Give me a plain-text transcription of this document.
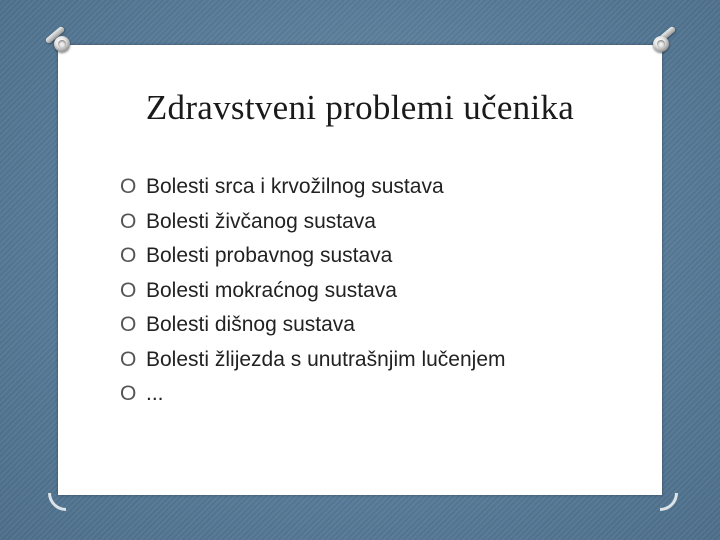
Zdravstveni problemi učenika
O Bolesti srca i krvožilnog sustava
O Bolesti živčanog sustava
O Bolesti probavnog sustava
O Bolesti mokraćnog sustava
O Bolesti dišnog sustava
O Bolesti žlijezda s unutrašnjim lučenjem
O ...
